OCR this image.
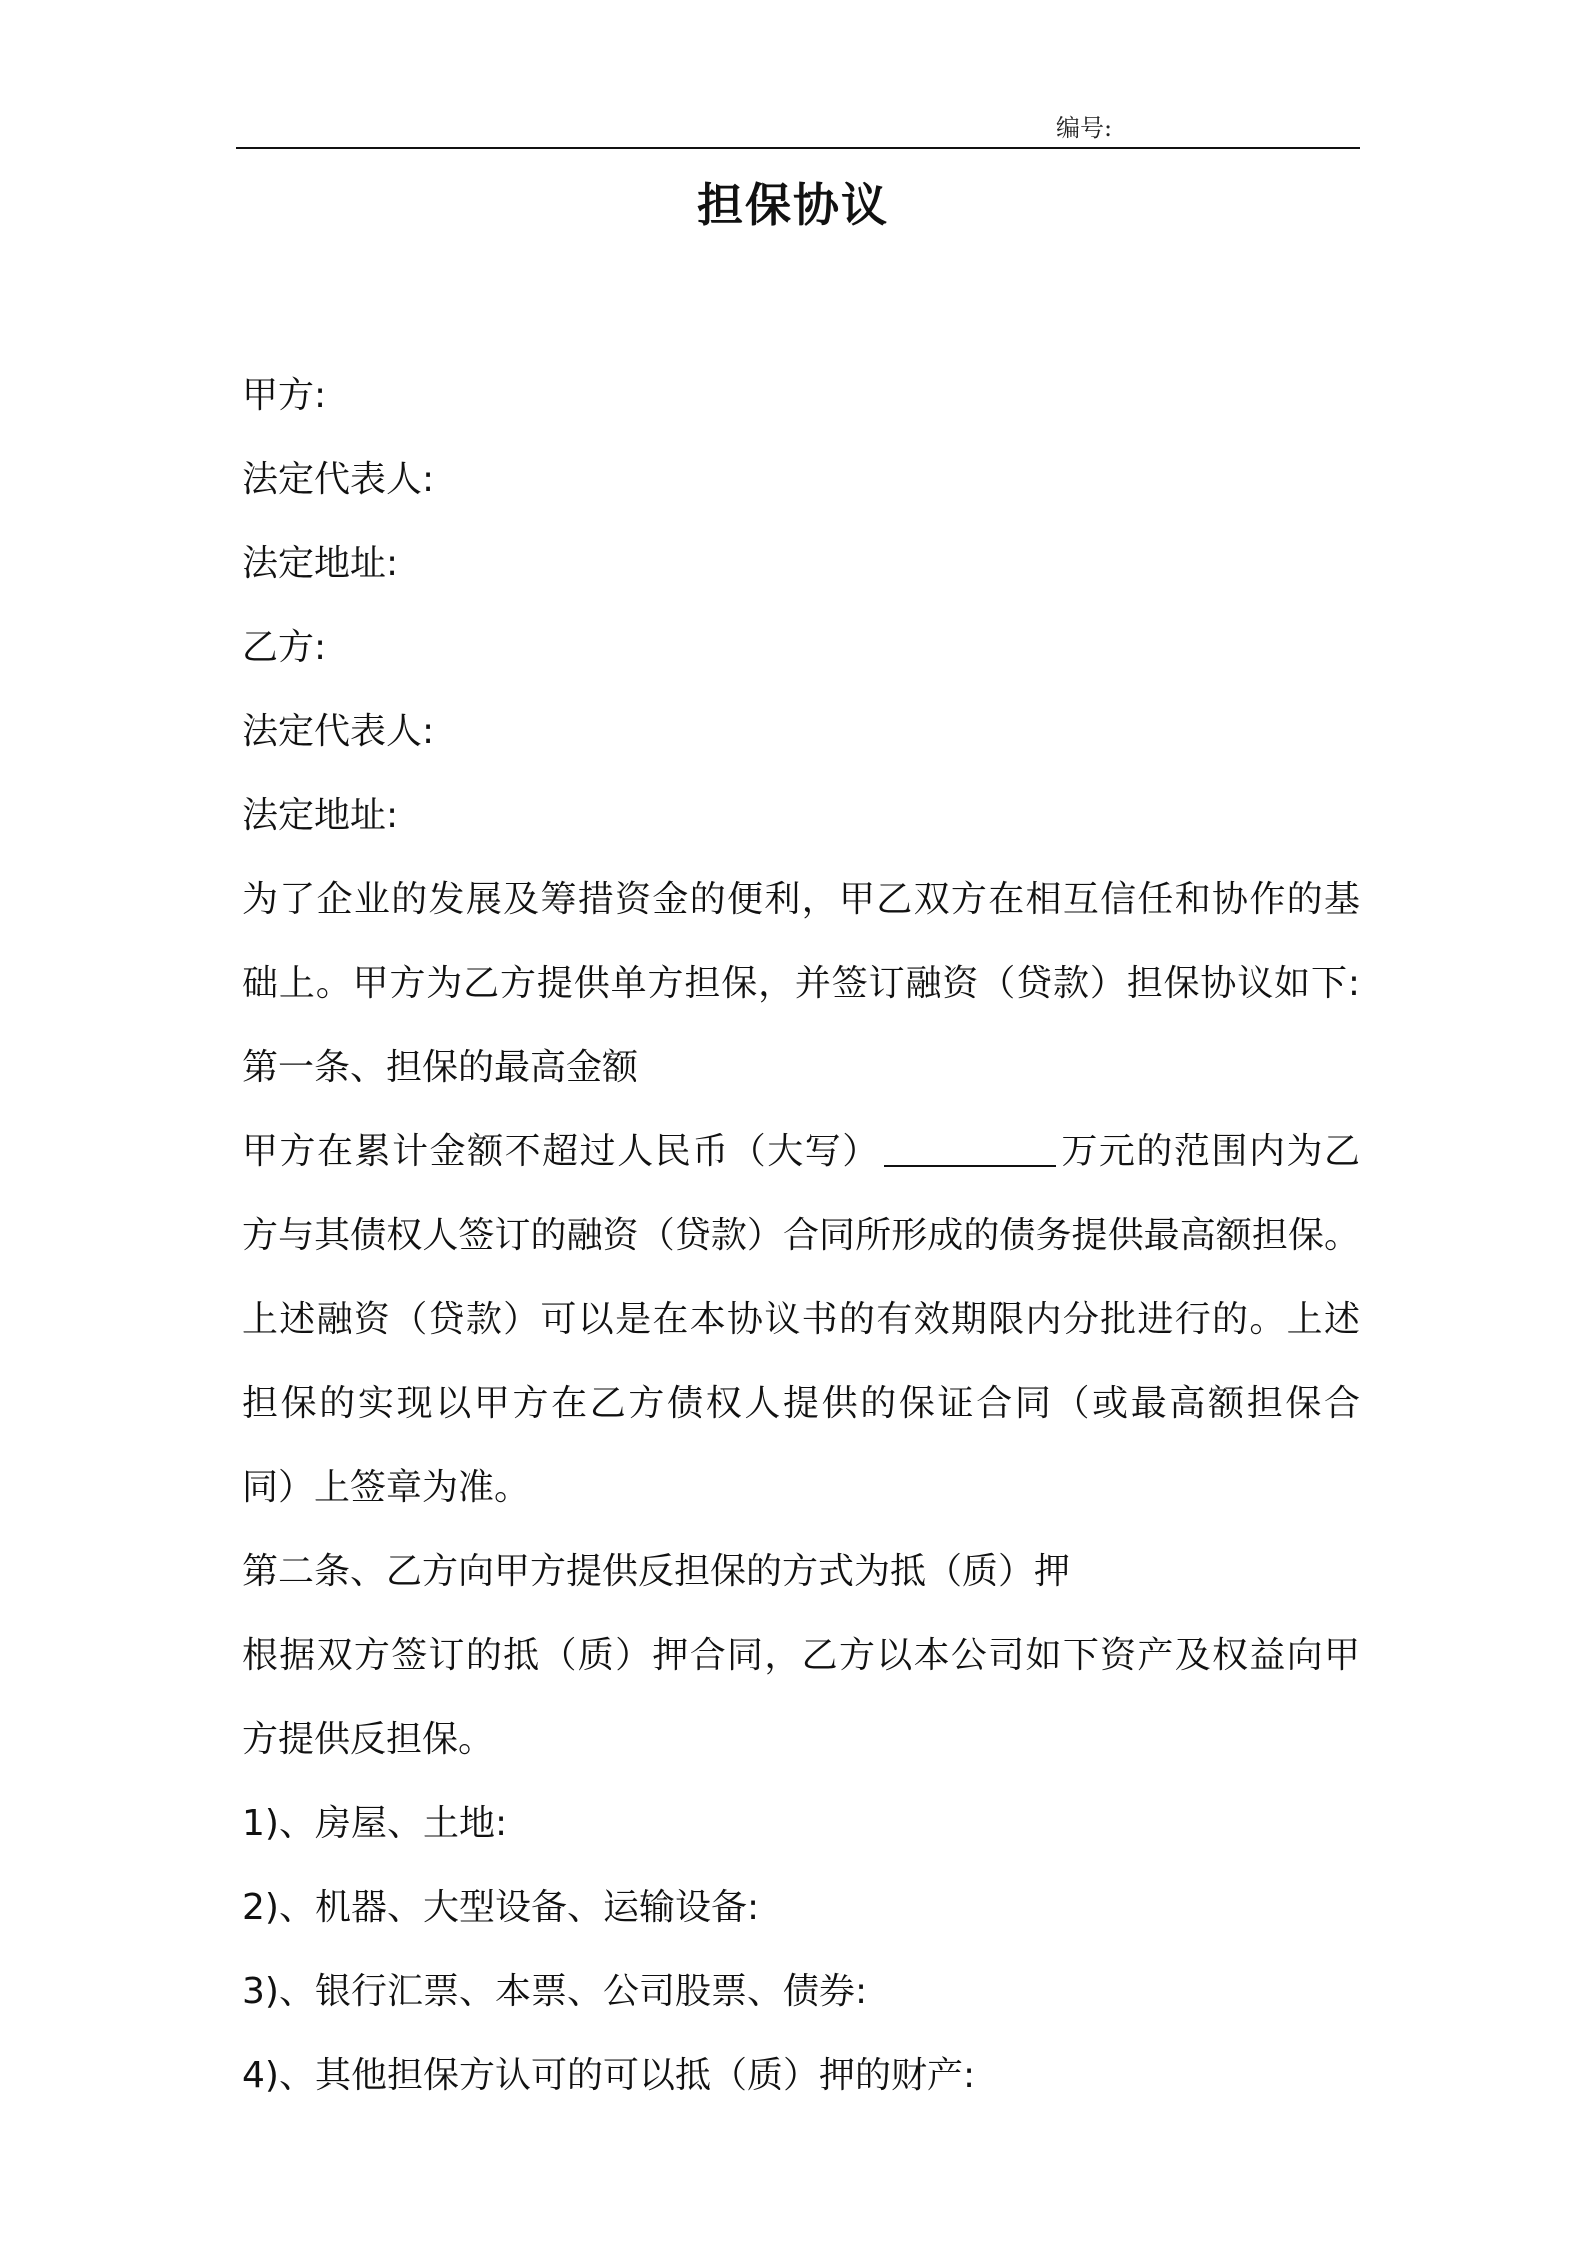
编号:
担保协议
甲方:
法定代表人:
法定地址:
乙方:
法定代表人:
法定地址:
为了企业的发展及筹措资金的便利，甲乙双方在相互信任和协作的基
础上。甲方为乙方提供单方担保，并签订融资（贷款）担保协议如下:
第一条、担保的最高金额
甲方在累计金额不超过人民币（大写）	万元的范围内为乙
方与其债权人签订的融资（贷款）合同所形成的债务提供最高额担保。
上述融资（贷款）可以是在本协议书的有效期限内分批进行的。上述
担保的实现以甲方在乙方债权人提供的保证合同（或最高额担保合
同）上签章为准。
第二条、乙方向甲方提供反担保的方式为抵（质）押
根据双方签订的抵（质）押合同，乙方以本公司如下资产及权益向甲
方提供反担保。
1)、房屋、土地:
2)、机器、大型设备、运输设备:
3)、银行汇票、本票、公司股票、债券:
4)、其他担保方认可的可以抵（质）押的财产:
